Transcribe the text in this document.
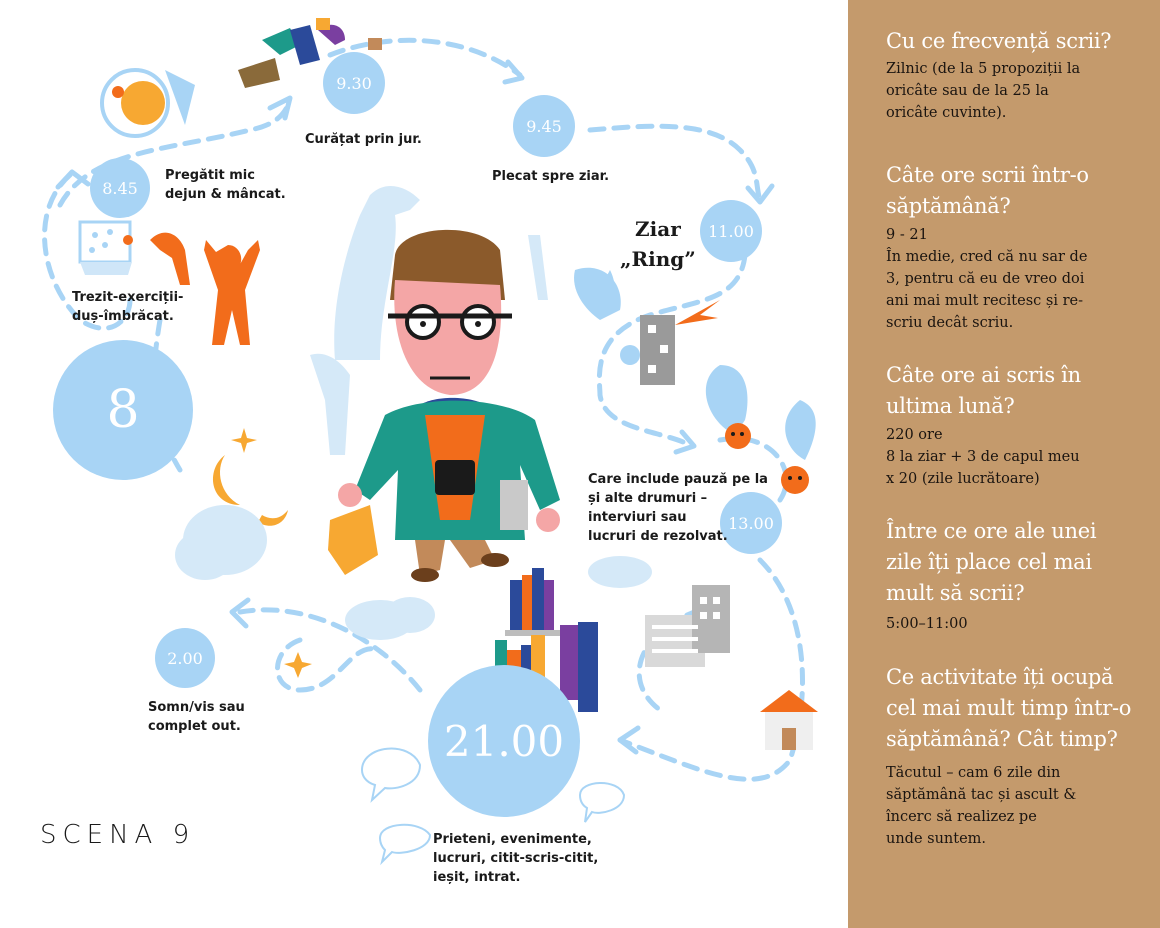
8
8.45
9.30
9.45
11.00
13.00
21.00
2.00
Trezit-exerciții-
duș-îmbrăcat.
Pregătit mic
dejun & mâncat.
Curățat prin jur.
Plecat spre ziar.
Ziar
„Ring”
Care include pauză pe la
și alte drumuri –
interviuri sau
lucruri de rezolvat.
Prieteni, evenimente,
lucruri, citit-scris-citit,
ieșit, intrat.
Somn/vis sau
complet out.
SCENA 9
Cu ce frecvență scrii?
Zilnic (de la 5 propoziții la
oricâte sau de la 25 la
oricâte cuvinte).
Câte ore scrii într-o
săptămână?
9 - 21
În medie, cred că nu sar de
3, pentru că eu de vreo doi
ani mai mult recitesc și re-
scriu decât scriu.
Câte ore ai scris în
ultima lună?
220 ore
8 la ziar + 3 de capul meu
x 20 (zile lucrătoare)
Între ce ore ale unei
zile îți place cel mai
mult să scrii?
5:00–11:00
Ce activitate îți ocupă
cel mai mult timp într-o
săptămână? Cât timp?
Tăcutul – cam 6 zile din
săptămână tac și ascult &
încerc să realizez pe
unde suntem.
